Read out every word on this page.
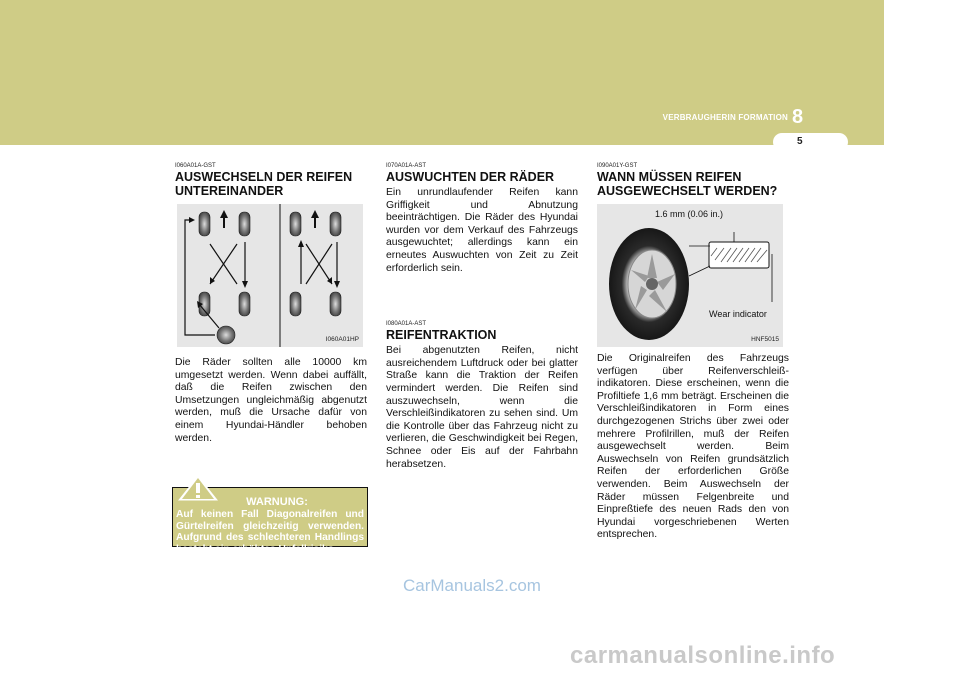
VERBRAUGHERIN FORMATION 8
5
I060A01A-GST
AUSWECHSELN DER REIFEN
UNTEREINANDER
I060A01HP

Die Räder sollten alle 10000 km umgesetzt werden. Wenn dabei auffällt, daß die Reifen zwischen den Umsetzungen ungleichmäßig abgenutzt werden, muß die Ursache dafür von einem Hyundai-Händler behoben werden.

WARNUNG:
Auf keinen Fall Diagonalreifen und Gürtelreifen gleichzeitig verwenden. Aufgrund des schlechteren Handlings besteht ein erhöhtes Unfallrisiko.
I070A01A-AST
AUSWUCHTEN DER RÄDER

Ein unrundlaufender Reifen kann Griffigkeit und Abnutzung beeinträchtigen. Die Räder des Hyundai wurden vor dem Verkauf des Fahrzeugs ausgewuchtet; allerdings kann ein erneutes Auswuchten von Zeit zu Zeit erforderlich sein.

I080A01A-AST
REIFENTRAKTION

Bei abgenutzten Reifen, nicht ausreichendem Luftdruck oder bei glatter Straße kann die Traktion der Reifen vermindert werden. Die Reifen sind auszuwechseln, wenn die Verschleißindikatoren zu sehen sind. Um die Kontrolle über das Fahrzeug nicht zu verlieren, die Geschwindigkeit bei Regen, Schnee oder Eis auf der Fahrbahn herabsetzen.

I090A01Y-GST
WANN MÜSSEN REIFEN
AUSGEWECHSELT WERDEN?
1.6 mm (0.06 in.)
Wear indicator
HNF5015

Die Originalreifen des Fahrzeugs verfügen über Reifenverschleiß-indikatoren. Diese erscheinen, wenn die Profiltiefe 1,6 mm beträgt. Erscheinen die Verschleißindikatoren in Form eines durchgezogenen Strichs über zwei oder mehrere Profilrillen, muß der Reifen ausgewechselt werden. Beim Auswechseln von Reifen grundsätzlich Reifen der erforderlichen Größe verwenden. Beim Auswechseln der Räder müssen Felgenbreite und Einpreßtiefe des neuen Rads den von Hyundai vorgeschriebenen Werten entsprechen.

CarManuals2.com
carmanualsonline.info
